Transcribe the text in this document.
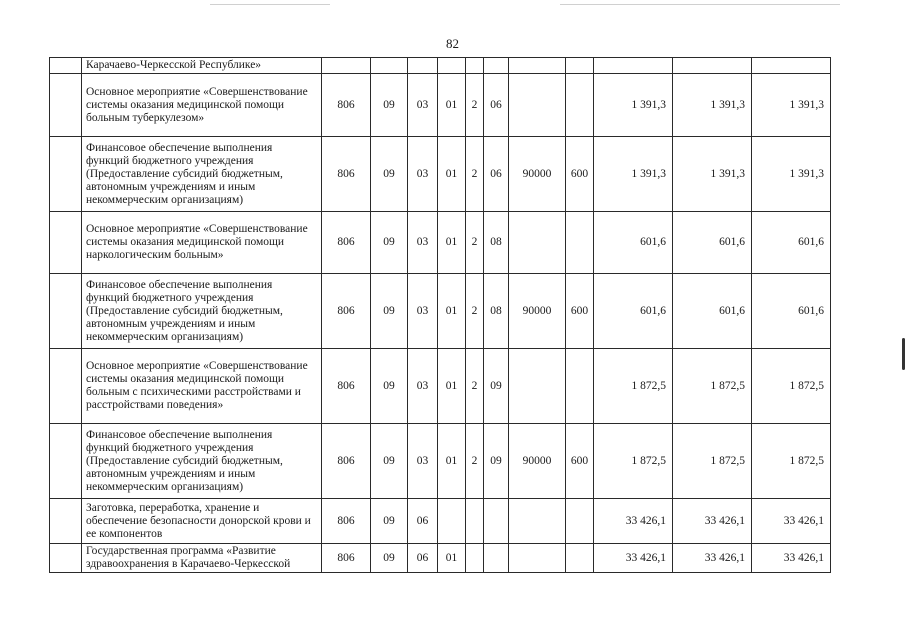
82
	Карачаево-Черкесской Республике»											
	Основное мероприятие «Совершенствование системы оказания медицинской помощи больным туберкулезом»	806	09	03	01	2	06			1 391,3	1 391,3	1 391,3
	Финансовое обеспечение выполнения функций бюджетного учреждения (Предоставление субсидий бюджетным, автономным учреждениям и иным некоммерческим организациям)	806	09	03	01	2	06	90000	600	1 391,3	1 391,3	1 391,3
	Основное мероприятие «Совершенствование системы оказания медицинской помощи наркологическим больным»	806	09	03	01	2	08			601,6	601,6	601,6
	Финансовое обеспечение выполнения функций бюджетного учреждения (Предоставление субсидий бюджетным, автономным учреждениям и иным некоммерческим организациям)	806	09	03	01	2	08	90000	600	601,6	601,6	601,6
	Основное мероприятие «Совершенствование системы оказания медицинской помощи больным с психическими расстройствами и расстройствами поведения»	806	09	03	01	2	09			1 872,5	1 872,5	1 872,5
	Финансовое обеспечение выполнения функций бюджетного учреждения (Предоставление субсидий бюджетным, автономным учреждениям и иным некоммерческим организациям)	806	09	03	01	2	09	90000	600	1 872,5	1 872,5	1 872,5
	Заготовка, переработка, хранение и обеспечение безопасности донорской крови и ее компонентов	806	09	06						33 426,1	33 426,1	33 426,1
	Государственная программа «Развитие здравоохранения в Карачаево-Черкесской	806	09	06	01					33 426,1	33 426,1	33 426,1
